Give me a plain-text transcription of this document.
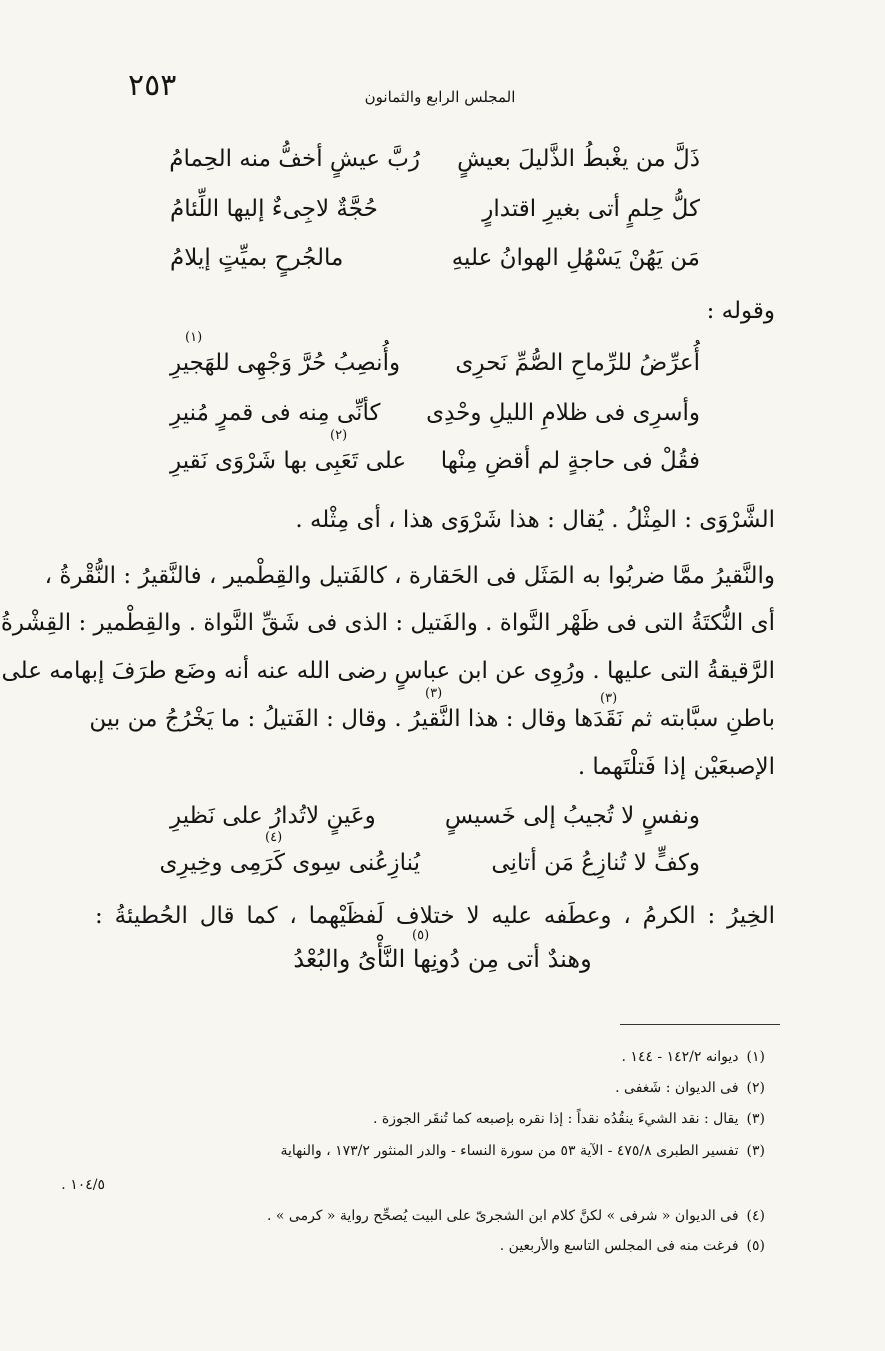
٢٥٣	المجلس الرابع والثمانون
ذَلَّ من يغْبطُ الذَّليلَ بعيشٍ
رُبَّ عيشٍ أخفُّ منه الحِمامُ
كلُّ حِلمٍ أتى بغيرِ اقتدارٍ
حُجَّةٌ لاجِىءٌ إليها اللِّئامُ
مَن يَهُنْ يَسْهُلِ الهوانُ عليهِ
مالجُرحٍ بميِّتٍ إيلامُ
وقوله :
(١)
أُعرِّضُ للرِّماحِ الصُّمِّ نَحرِى
وأُنصِبُ حُرَّ وَجْهِى للهَجيرِ
وأسرِى فى ظلامِ الليلِ وحْدِى
كأنِّى مِنه فى قمرٍ مُنيرِ
(٢)
فقُلْ فى حاجةٍ لم أقضِ مِنْها
على تَعَبِى بها شَرْوَى نَقيرِ
الشَّرْوَى : المِثْلُ . يُقال : هذا شَرْوَى هذا ، أى مِثْله .
والنَّقيرُ ممَّا ضربُوا به المَثَل فى الحَقارة ، كالفَتيل والقِطْمير ، فالنَّقيرُ : النُّقْرةُ ،
أى النُّكتَةُ التى فى ظَهْر النَّواة . والفَتيل : الذى فى شَقِّ النَّواة . والقِطْمير : القِشْرةُ
الرَّقيقةُ التى عليها . ورُوِى عن ابن عباسٍ رضى الله عنه أنه وضَع طرَفَ إبهامه على
(٣)	(٣)
باطنِ سبَّابته ثم نَقَدَها وقال : هذا النَّقيرُ . وقال : الفَتيلُ : ما يَخْرُجُ من بين
الإصبعَيْن إذا فَتلْتَهما .
ونفسٍ لا تُجيبُ إلى خَسيسٍ
وعَينٍ لاتُدارُ على نَظيرِ
(٤)
وكفٍّ لا تُنازِعُ مَن أتانِى
يُنازِعُنى سِوى كَرَمِى وخِيرِى
الخِيرُ : الكرمُ ، وعطَفه عليه لا ختلاف لَفظَيْهما ، كما قال الحُطيئةُ :
(٥)
وهندٌ أتى مِن دُونِها النَّأْىُ والبُعْدُ
(١)ديوانه ١٤٢/٢ - ١٤٤ .
(٢)فى الديوان : شَغفى .
(٣)يقال : نقد الشيءَ ينقُدُه نقداً : إذا نقره بإصبعه كما تُنقَر الجوزة .
(٣)تفسير الطبرى ٤٧٥/٨ - الآية ٥٣ من سورة النساء - والدر المنثور ١٧٣/٢ ، والنهاية
١٠٤/٥ .
(٤)فى الديوان « شرفى » لكنَّ كلام ابن الشجرىّ على البيت يُصحِّح رواية « كرمى » .
(٥)فرغت منه فى المجلس التاسع والأربعين .
